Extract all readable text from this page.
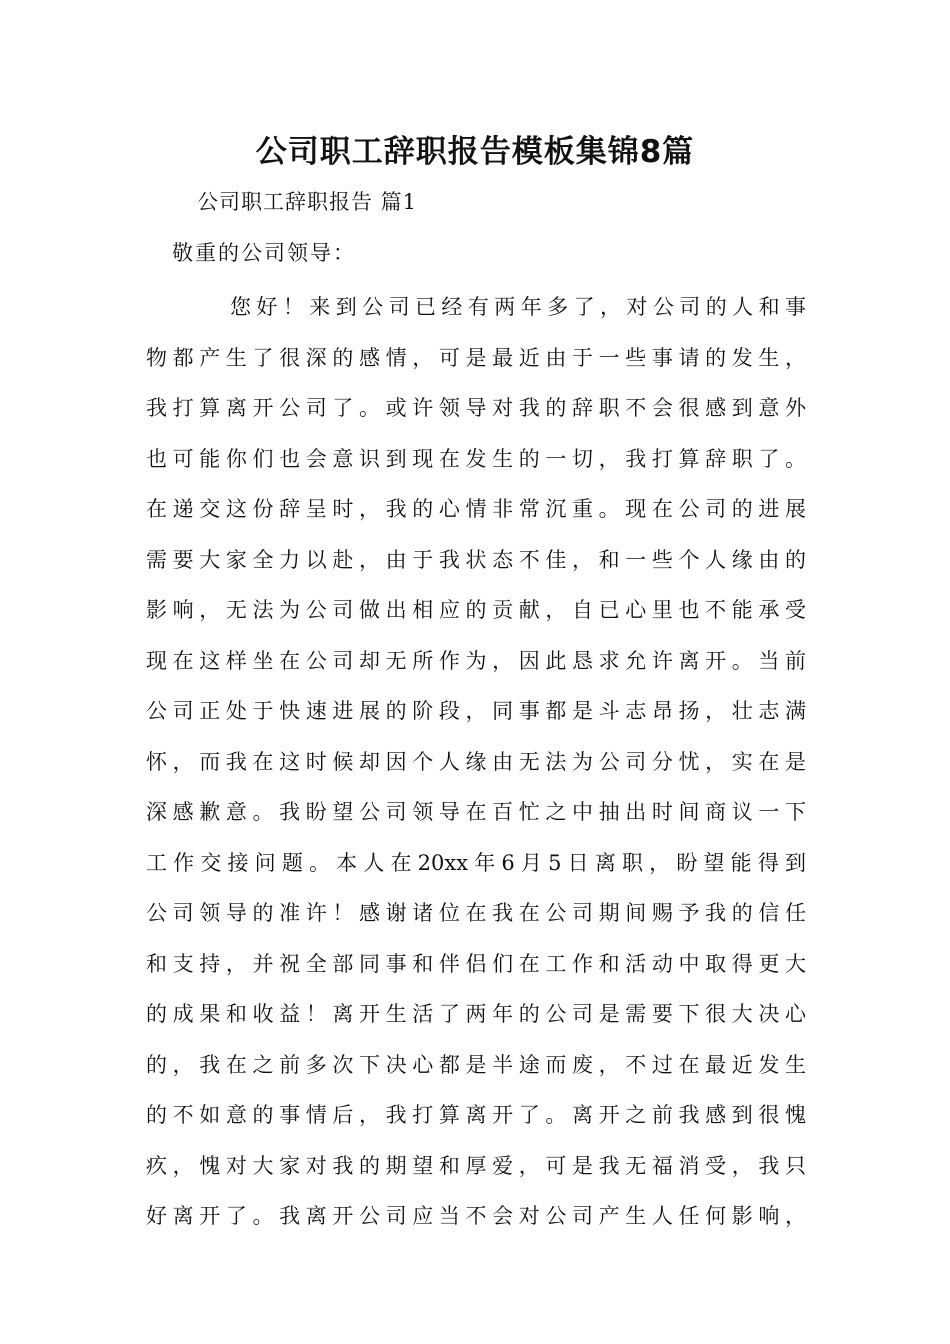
公司职工辞职报告模板集锦8篇

公司职工辞职报告 篇1

敬重的公司领导：

您好！来到公司已经有两年多了，对公司的人和事
物都产生了很深的感情，可是最近由于一些事请的发生，
我打算离开公司了。或许领导对我的辞职不会很感到意外
也可能你们也会意识到现在发生的一切，我打算辞职了。
在递交这份辞呈时，我的心情非常沉重。现在公司的进展
需要大家全力以赴，由于我状态不佳，和一些个人缘由的
影响，无法为公司做出相应的贡献，自已心里也不能承受
现在这样坐在公司却无所作为，因此恳求允许离开。当前
公司正处于快速进展的阶段，同事都是斗志昂扬，壮志满
怀，而我在这时候却因个人缘由无法为公司分忧，实在是
深感歉意。我盼望公司领导在百忙之中抽出时间商议一下
工作交接问题。本人在20xx年6月5日离职，盼望能得到
公司领导的准许！感谢诸位在我在公司期间赐予我的信任
和支持，并祝全部同事和伴侣们在工作和活动中取得更大
的成果和收益！离开生活了两年的公司是需要下很大决心
的，我在之前多次下决心都是半途而废，不过在最近发生
的不如意的事情后，我打算离开了。离开之前我感到很愧
疚，愧对大家对我的期望和厚爱，可是我无福消受，我只
好离开了。我离开公司应当不会对公司产生人任何影响，
